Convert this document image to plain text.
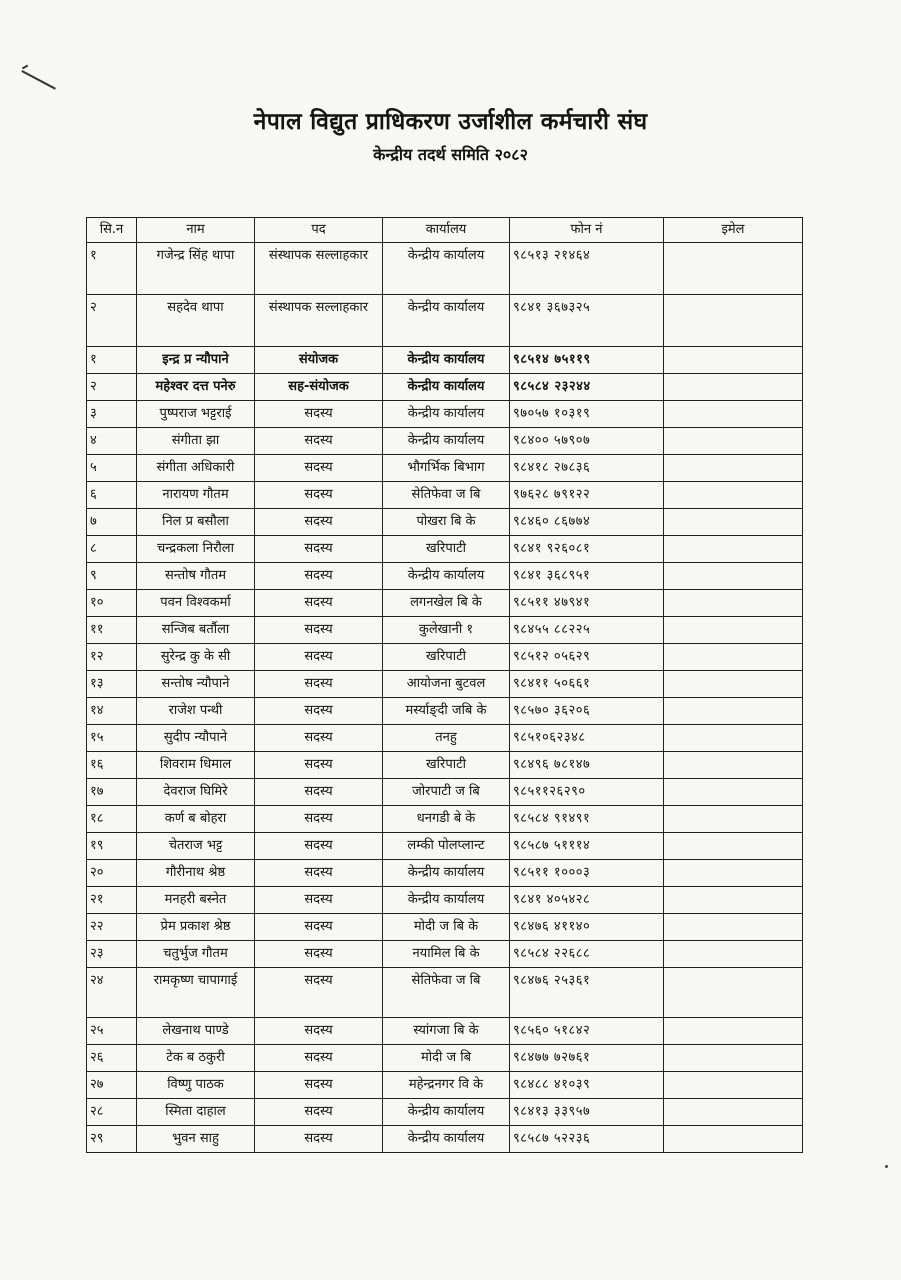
नेपाल विद्युत प्राधिकरण उर्जाशील कर्मचारी संघ
केन्द्रीय तदर्थ समिति २०८२
सि.न	नाम	पद	कार्यालय	फोन नं	इमेल
१	गजेन्द्र सिंह थापा	संस्थापक सल्लाहकार	केन्द्रीय कार्यालय	९८५१३ २१४६४	
२	सहदेव थापा	संस्थापक सल्लाहकार	केन्द्रीय कार्यालय	९८४१ ३६७३२५	
१	इन्द्र प्र न्यौपाने	संयोजक	केन्द्रीय कार्यालय	९८५१४ ७५११९	
२	महेश्वर दत्त पनेरु	सह-संयोजक	केन्द्रीय कार्यालय	९८५८४ २३२४४	
३	पुष्पराज भट्टराई	सदस्य	केन्द्रीय कार्यालय	९७०५७ १०३१९	
४	संगीता झा	सदस्य	केन्द्रीय कार्यालय	९८४०० ५७९०७	
५	संगीता अधिकारी	सदस्य	भौगर्भिक बिभाग	९८४१८ २७८३६	
६	नारायण गौतम	सदस्य	सेतिफेवा ज बि	९७६२८ ७९१२२	
७	निल प्र बसौला	सदस्य	पोखरा बि के	९८४६० ८६७७४	
८	चन्द्रकला निरौला	सदस्य	खरिपाटी	९८४१ ९२६०८१	
९	सन्तोष गौतम	सदस्य	केन्द्रीय कार्यालय	९८४१ ३६८९५१	
१०	पवन विश्वकर्मा	सदस्य	लगनखेल बि के	९८५११ ४७९४१	
११	सन्जिब बर्तौला	सदस्य	कुलेखानी १	९८४५५ ८८२२५	
१२	सुरेन्द्र कु के सी	सदस्य	खरिपाटी	९८५१२ ०५६२९	
१३	सन्तोष न्यौपाने	सदस्य	आयोजना बुटवल	९८४११ ५०६६१	
१४	राजेश पन्थी	सदस्य	मर्स्याङ्दी जबि के	९८५७० ३६२०६	
१५	सुदीप न्यौपाने	सदस्य	तनहु	९८५१०६२३४८	
१६	शिवराम धिमाल	सदस्य	खरिपाटी	९८४९६ ७८१४७	
१७	देवराज घिमिरे	सदस्य	जोरपाटी ज बि	९८५११२६२९०	
१८	कर्ण ब बोहरा	सदस्य	धनगडी बे के	९८५८४ ९१४९१	
१९	चेतराज भट्ट	सदस्य	लम्की पोलप्लान्ट	९८५८७ ५१११४	
२०	गौरीनाथ श्रेष्ठ	सदस्य	केन्द्रीय कार्यालय	९८५११ १०००३	
२१	मनहरी बस्नेत	सदस्य	केन्द्रीय कार्यालय	९८४१ ४०५४२८	
२२	प्रेम प्रकाश श्रेष्ठ	सदस्य	मोदी ज बि के	९८४७६ ४११४०	
२३	चतुर्भुज गौतम	सदस्य	नयामिल बि के	९८५८४ २२६८८	
२४	रामकृष्ण चापागाई	सदस्य	सेतिफेवा ज बि	९८४७६ २५३६१	
२५	लेखनाथ पाण्डे	सदस्य	स्यांगजा बि के	९८५६० ५१८४२	
२६	टेक ब ठकुरी	सदस्य	मोदी ज बि	९८४७७ ७२७६१	
२७	विष्णु पाठक	सदस्य	महेन्द्रनगर वि के	९८४८८ ४१०३९	
२८	स्मिता दाहाल	सदस्य	केन्द्रीय कार्यालय	९८४१३ ३३९५७	
२९	भुवन साहु	सदस्य	केन्द्रीय कार्यालय	९८५८७ ५२२३६	
